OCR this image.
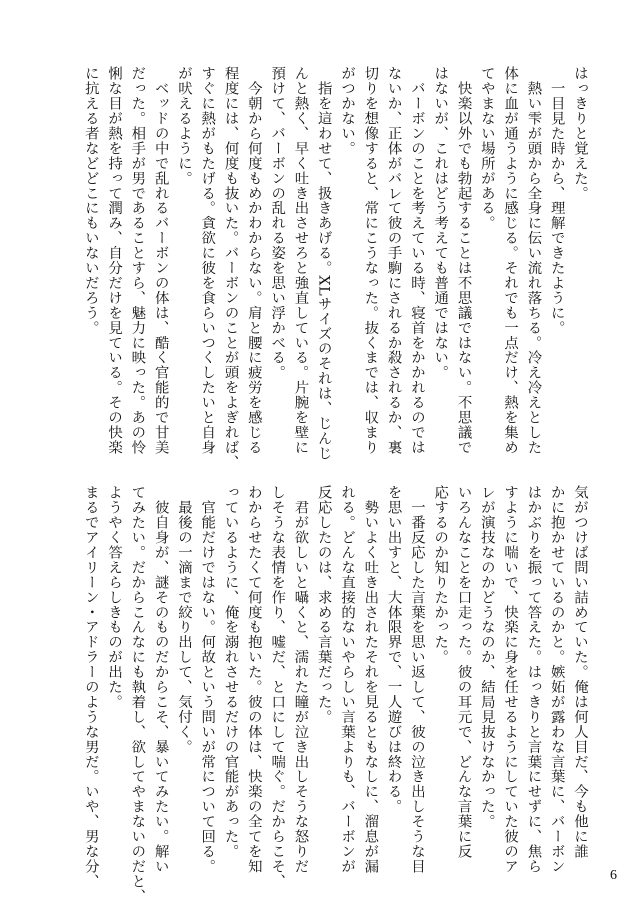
はっきりと覚えた。
　一目見た時から、理解できたように。
　熱い雫が頭から全身に伝い流れ落ちる。冷え冷えとした
体に血が通うように感じる。それでも一点だけ、熱を集め
てやまない場所がある。
　快楽以外でも勃起することは不思議ではない。不思議で
はないが、これはどう考えても普通ではない。
　バーボンのことを考えている時、寝首をかかれるのでは
ないか、正体がバレて彼の手駒にされるか殺されるか、裏
切りを想像すると、常にこうなった。抜くまでは、収まり
がつかない。
　指を這わせて、扱きあげる。XLサイズのそれは、じんじ
んと熱く、早く吐き出させろと強直している。片腕を壁に
預けて、バーボンの乱れる姿を思い浮かべる。
　今朝から何度もめかわからない。肩と腰に疲労を感じる
程度には、何度も抜いた。バーボンのことが頭をよぎれば、
すぐに熱がもたげる。貪欲に彼を食らいつくしたいと自身
が吠えるように。
　ベッドの中で乱れるバーボンの体は、酷く官能的で甘美
だった。相手が男であることすら、魅力に映った。あの怜
悧な目が熱を持って潤み、自分だけを見ている。その快楽
に抗える者などどこにもいないだろう。
気がつけば問い詰めていた。俺は何人目だ、今も他に誰
かに抱かせているのかと。嫉妬が露わな言葉に、バーボン
はかぶりを振って答えた。はっきりと言葉にせずに、焦ら
すように喘いで、快楽に身を任せるようにしていた彼のア
レが演技なのかどうなのか、結局見抜けなかった。
いろんなことを口走った。彼の耳元で、どんな言葉に反
応するのか知りたかった。
　一番反応した言葉を思い返して、彼の泣き出しそうな目
を思い出すと、大体限界で、一人遊びは終わる。
　勢いよく吐き出されたそれを見るともなしに、溜息が漏
れる。どんな直接的ないやらしい言葉よりも、バーボンが
反応したのは、求める言葉だった。
　君が欲しいと囁くと、濡れた瞳が泣き出しそうな怒りだ
しそうな表情を作り、嘘だ、と口にして喘ぐ。だからこそ、
わからせたくて何度も抱いた。彼の体は、快楽の全てを知
っているように、俺を溺れさせるだけの官能があった。
　官能だけではない。何故という問いが常について回る。
　最後の一滴まで絞り出して、気付く。
　彼自身が、謎そのものだからこそ、暴いてみたい。解い
てみたい。だからこんなにも執着し、欲してやまないのだと、
ようやく答えらしきものが出た。
まるでアイリーン・アドラーのような男だ。いや、男な分、	6
